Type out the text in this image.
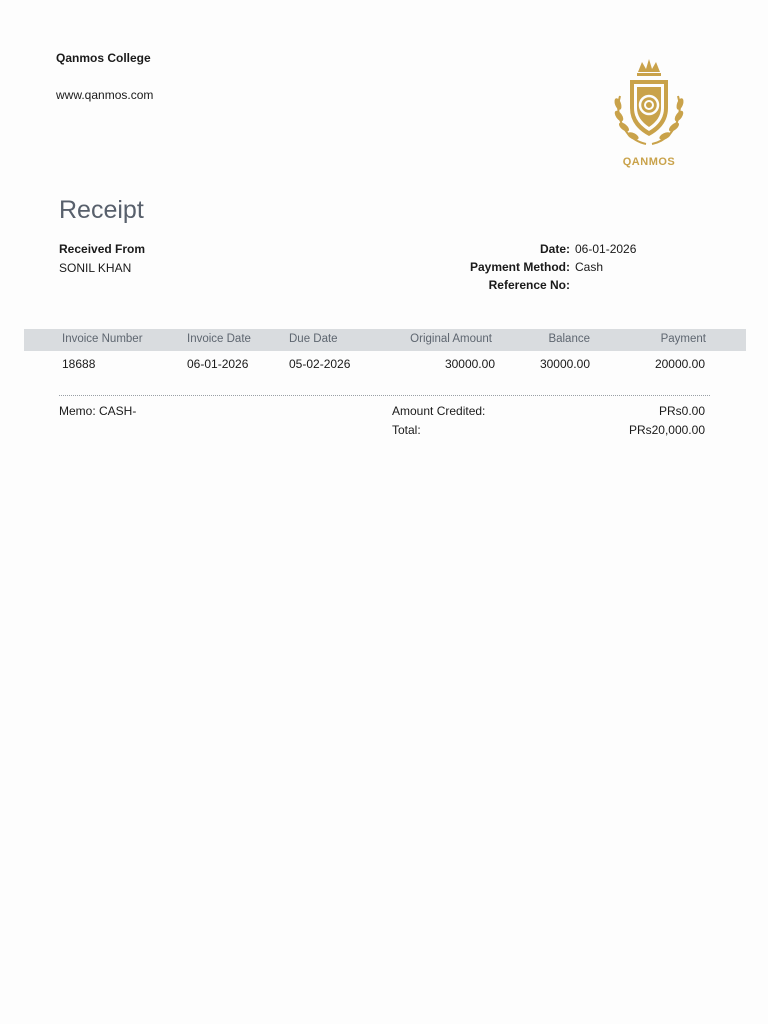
Qanmos College
www.qanmos.com
QANMOS
Receipt
Received From
SONIL KHAN
Date: 06-01-2026
Payment Method: Cash
Reference No:
Invoice Number	Invoice Date	Due Date	Original Amount	Balance	Payment
18688	06-01-2026	05-02-2026	30000.00	30000.00	20000.00
Memo: CASH-	Amount Credited:	PRs0.00
Total:	PRs20,000.00
